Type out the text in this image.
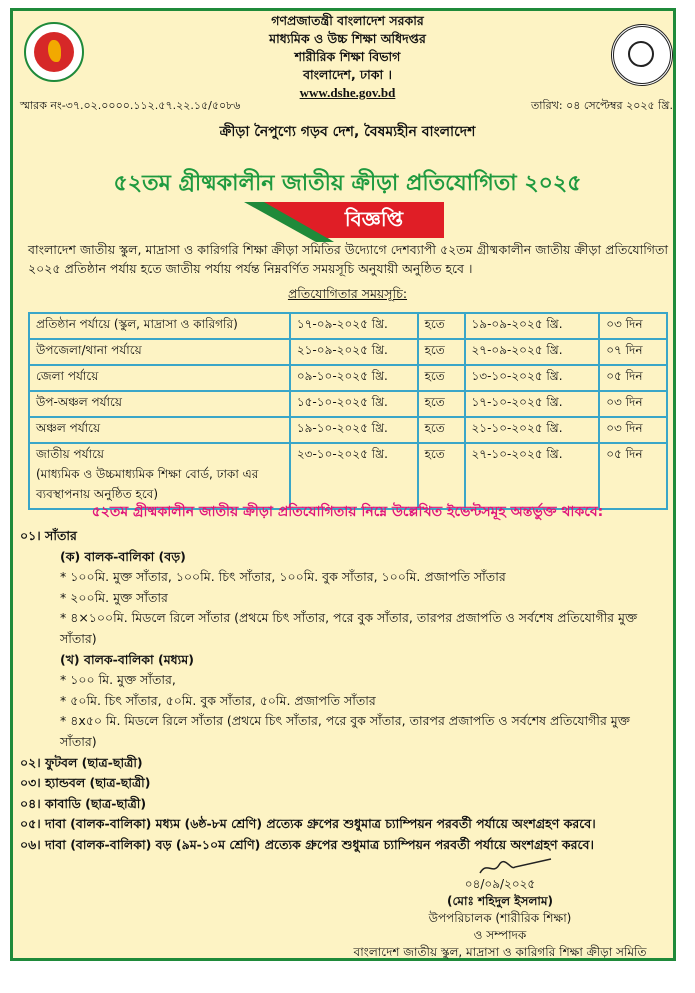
গণপ্রজাতন্ত্রী বাংলাদেশ সরকার
মাধ্যমিক ও উচ্চ শিক্ষা অধিদপ্তর
শারীরিক শিক্ষা বিভাগ
বাংলাদেশ, ঢাকা ।
www.dshe.gov.bd
স্মারক নং-৩৭.০২.০০০০.১১২.৫৭.২২.১৫/৫০৮৬	তারিখ: ০৪ সেপ্টেম্বর ২০২৫ খ্রি.
ক্রীড়া নৈপুণ্যে গড়ব দেশ, বৈষম্যহীন বাংলাদেশ
৫২তম গ্রীষ্মকালীন জাতীয় ক্রীড়া প্রতিযোগিতা ২০২৫
বিজ্ঞপ্তি
বাংলাদেশ জাতীয় স্কুল, মাদ্রাসা ও কারিগরি শিক্ষা ক্রীড়া সমিতির উদ্যোগে দেশব্যাপী ৫২তম গ্রীষ্মকালীন জাতীয় ক্রীড়া প্রতিযোগিতা ২০২৫ প্রতিষ্ঠান পর্যায় হতে জাতীয় পর্যায় পর্যন্ত নিম্নবর্ণিত সময়সূচি অনুযায়ী অনুষ্ঠিত হবে ।
প্রতিযোগিতার সময়সূচি:
প্রতিষ্ঠান পর্যায়ে (স্কুল, মাদ্রাসা ও কারিগরি)	১৭-০৯-২০২৫ খ্রি.	হতে	১৯-০৯-২০২৫ খ্রি.	০৩ দিন

উপজেলা/থানা পর্যায়ে	২১-০৯-২০২৫ খ্রি.	হতে	২৭-০৯-২০২৫ খ্রি.	০৭ দিন

জেলা পর্যায়ে	০৯-১০-২০২৫ খ্রি.	হতে	১৩-১০-২০২৫ খ্রি.	০৫ দিন

উপ-অঞ্চল পর্যায়ে	১৫-১০-২০২৫ খ্রি.	হতে	১৭-১০-২০২৫ খ্রি.	০৩ দিন

অঞ্চল পর্যায়ে	১৯-১০-২০২৫ খ্রি.	হতে	২১-১০-২০২৫ খ্রি.	০৩ দিন

জাতীয় পর্যায়ে
(মাধ্যমিক ও উচ্চমাধ্যমিক শিক্ষা বোর্ড, ঢাকা এর ব্যবস্থাপনায় অনুষ্ঠিত হবে)	২৩-১০-২০২৫ খ্রি.	হতে	২৭-১০-২০২৫ খ্রি.	০৫ দিন
৫২তম গ্রীষ্মকালীন জাতীয় ক্রীড়া প্রতিযোগিতায় নিম্নে উল্লেখিত ইভেন্টসমূহ অন্তর্ভুক্ত থাকবে:
০১। সাঁতার
(ক) বালক-বালিকা (বড়)
* ১০০মি. মুক্ত সাঁতার, ১০০মি. চিৎ সাঁতার, ১০০মি. বুক সাঁতার, ১০০মি. প্রজাপতি সাঁতার
* ২০০মি. মুক্ত সাঁতার
* ৪×১০০মি. মিডলে রিলে সাঁতার (প্রথমে চিৎ সাঁতার, পরে বুক সাঁতার, তারপর প্রজাপতি ও সর্বশেষ প্রতিযোগীর মুক্ত সাঁতার)
(খ) বালক-বালিকা (মধ্যম)
* ১০০ মি. মুক্ত সাঁতার,
* ৫০মি. চিৎ সাঁতার, ৫০মি. বুক সাঁতার, ৫০মি. প্রজাপতি সাঁতার
* ৪x৫০ মি. মিডলে রিলে সাঁতার (প্রথমে চিৎ সাঁতার, পরে বুক সাঁতার, তারপর প্রজাপতি ও সর্বশেষ প্রতিযোগীর মুক্ত সাঁতার)
০২। ফুটবল (ছাত্র-ছাত্রী)
০৩। হ্যান্ডবল (ছাত্র-ছাত্রী)
০৪। কাবাডি (ছাত্র-ছাত্রী)
০৫। দাবা (বালক-বালিকা) মধ্যম (৬ষ্ঠ-৮ম শ্রেণি) প্রত্যেক গ্রুপের শুধুমাত্র চ্যাম্পিয়ন পরবর্তী পর্যায়ে অংশগ্রহণ করবে।
০৬। দাবা (বালক-বালিকা) বড় (৯ম-১০ম শ্রেণি) প্রত্যেক গ্রুপের শুধুমাত্র চ্যাম্পিয়ন পরবর্তী পর্যায়ে অংশগ্রহণ করবে।
০৪/০৯/২০২৫
(মোঃ শহিদুল ইসলাম)
উপপরিচালক (শারীরিক শিক্ষা)
ও সম্পাদক
বাংলাদেশ জাতীয় স্কুল, মাদ্রাসা ও কারিগরি শিক্ষা ক্রীড়া সমিতি
